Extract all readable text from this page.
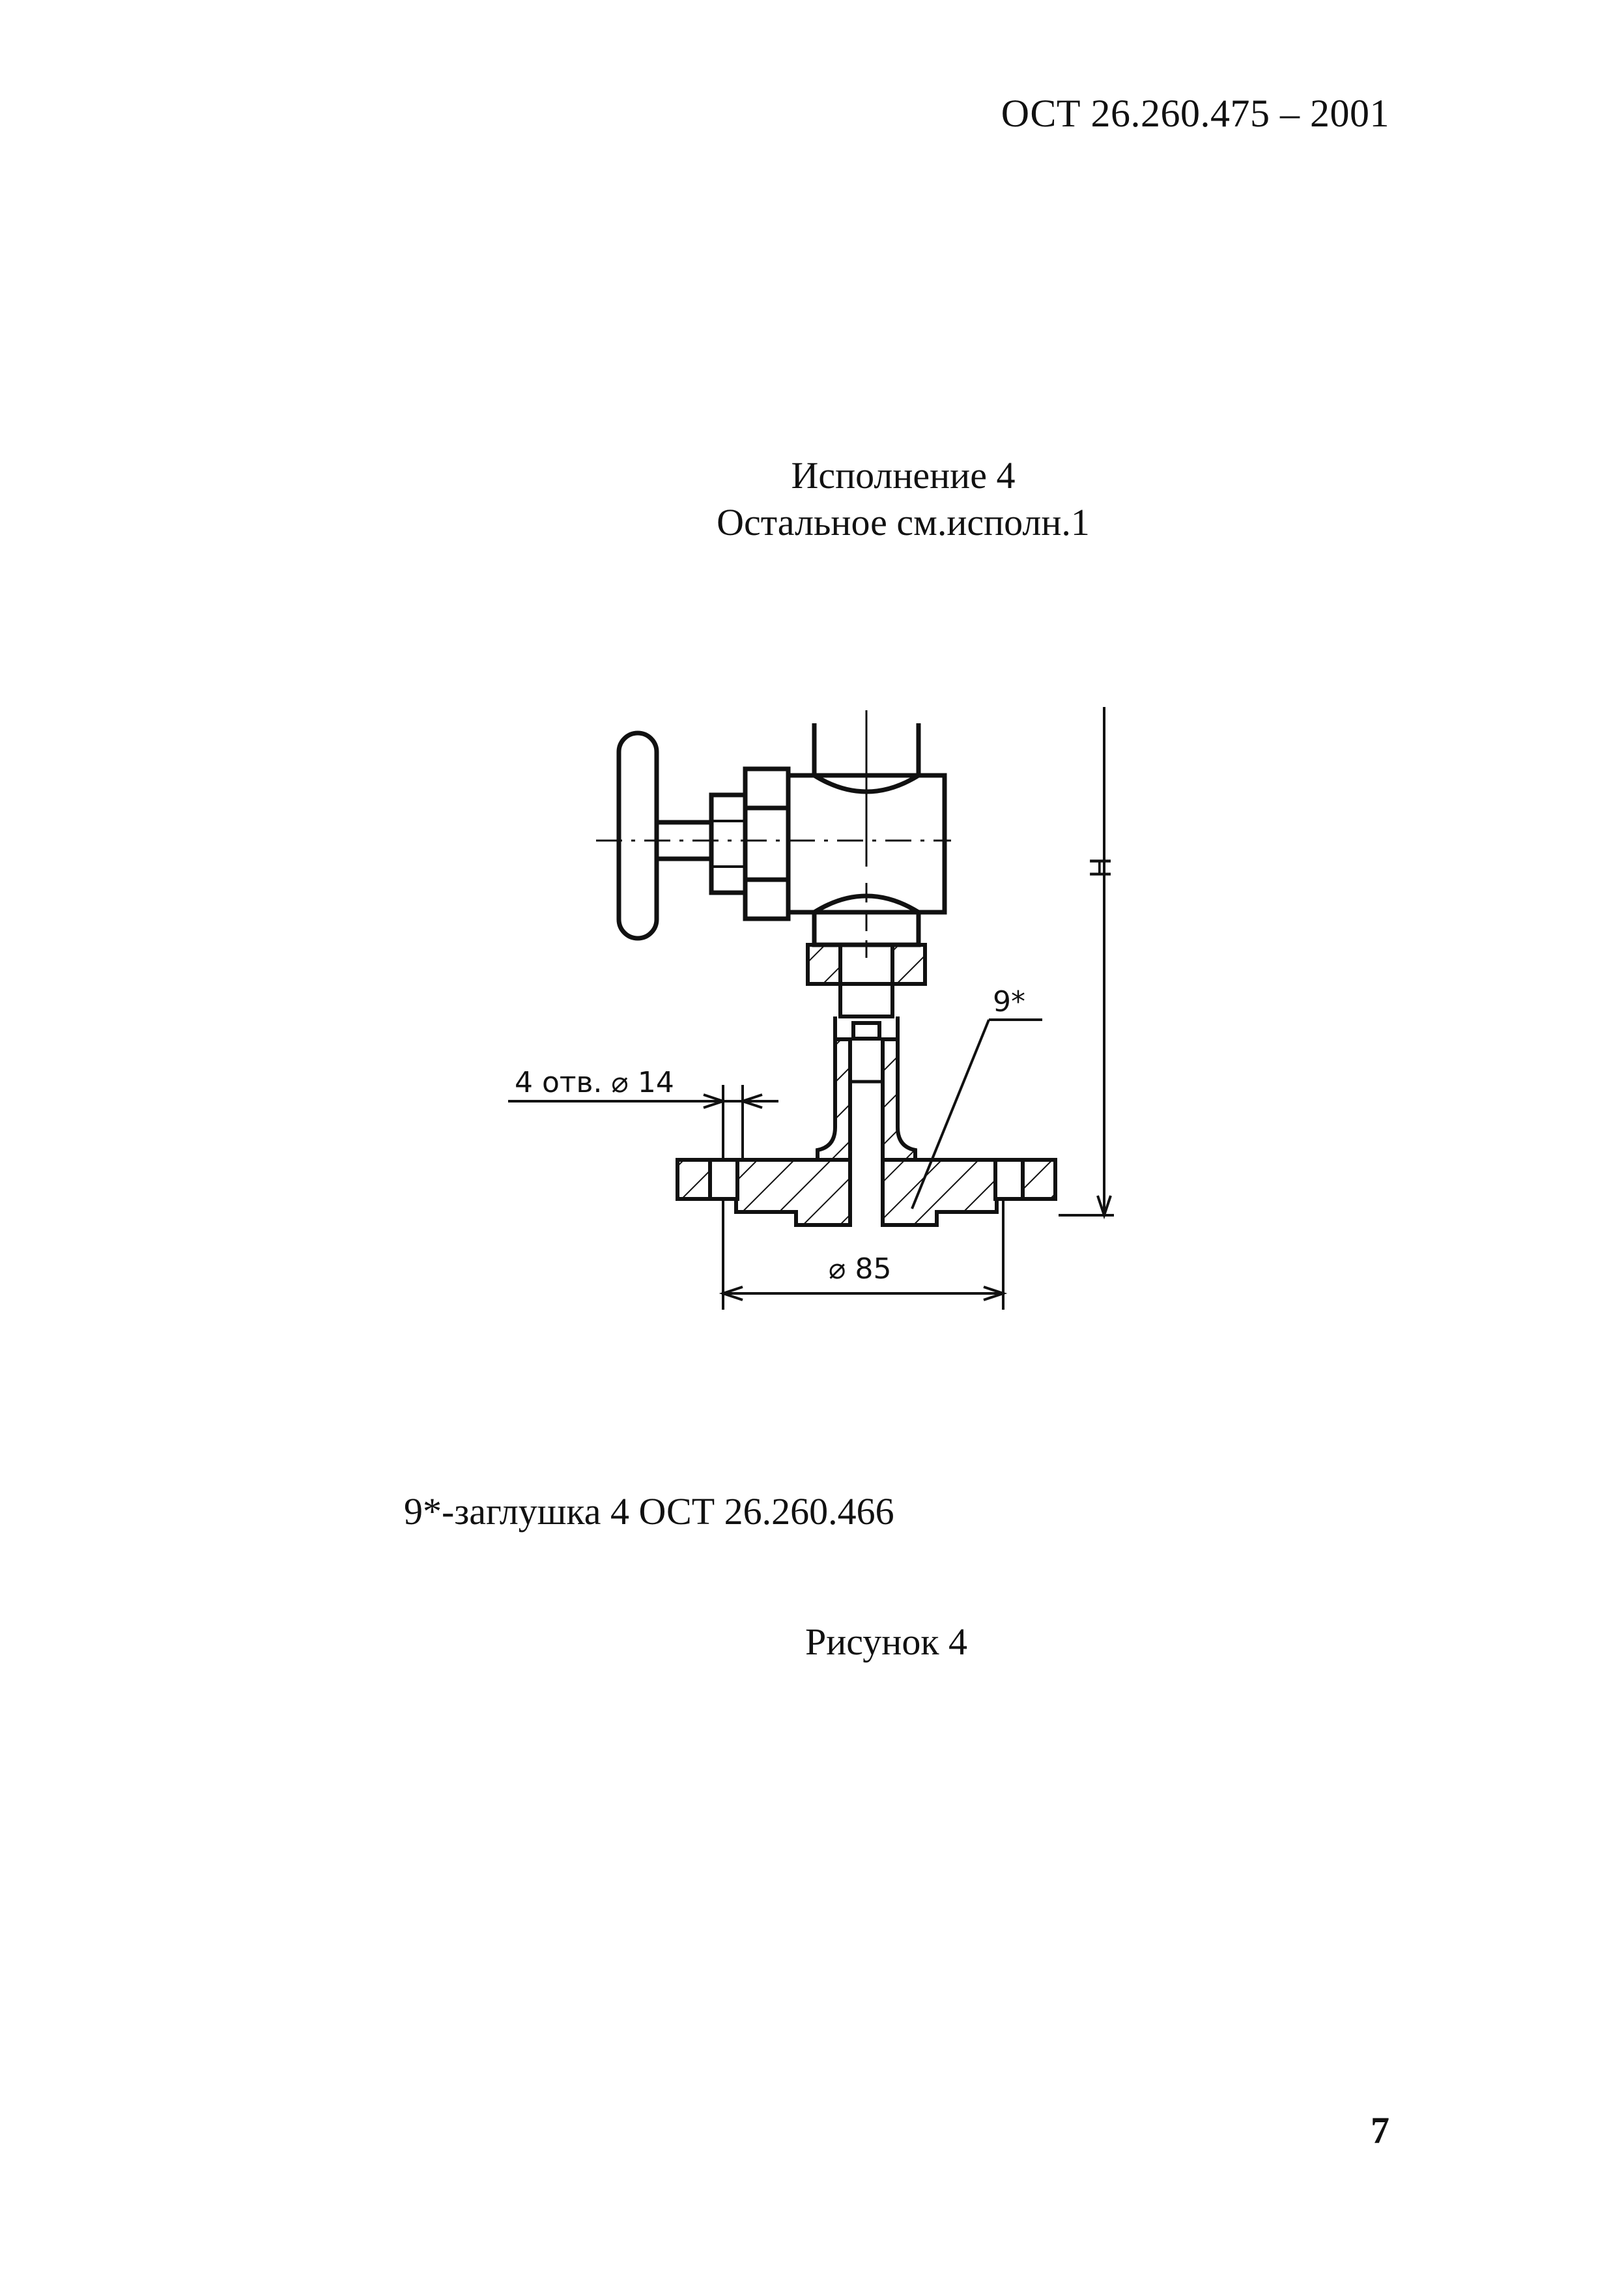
ОСТ 26.260.475 – 2001
Исполнение 4
Остальное см.исполн.1
4 отв. ⌀ 14
9*
Н
⌀ 85
9*-заглушка 4 ОСТ 26.260.466
Рисунок 4
7
